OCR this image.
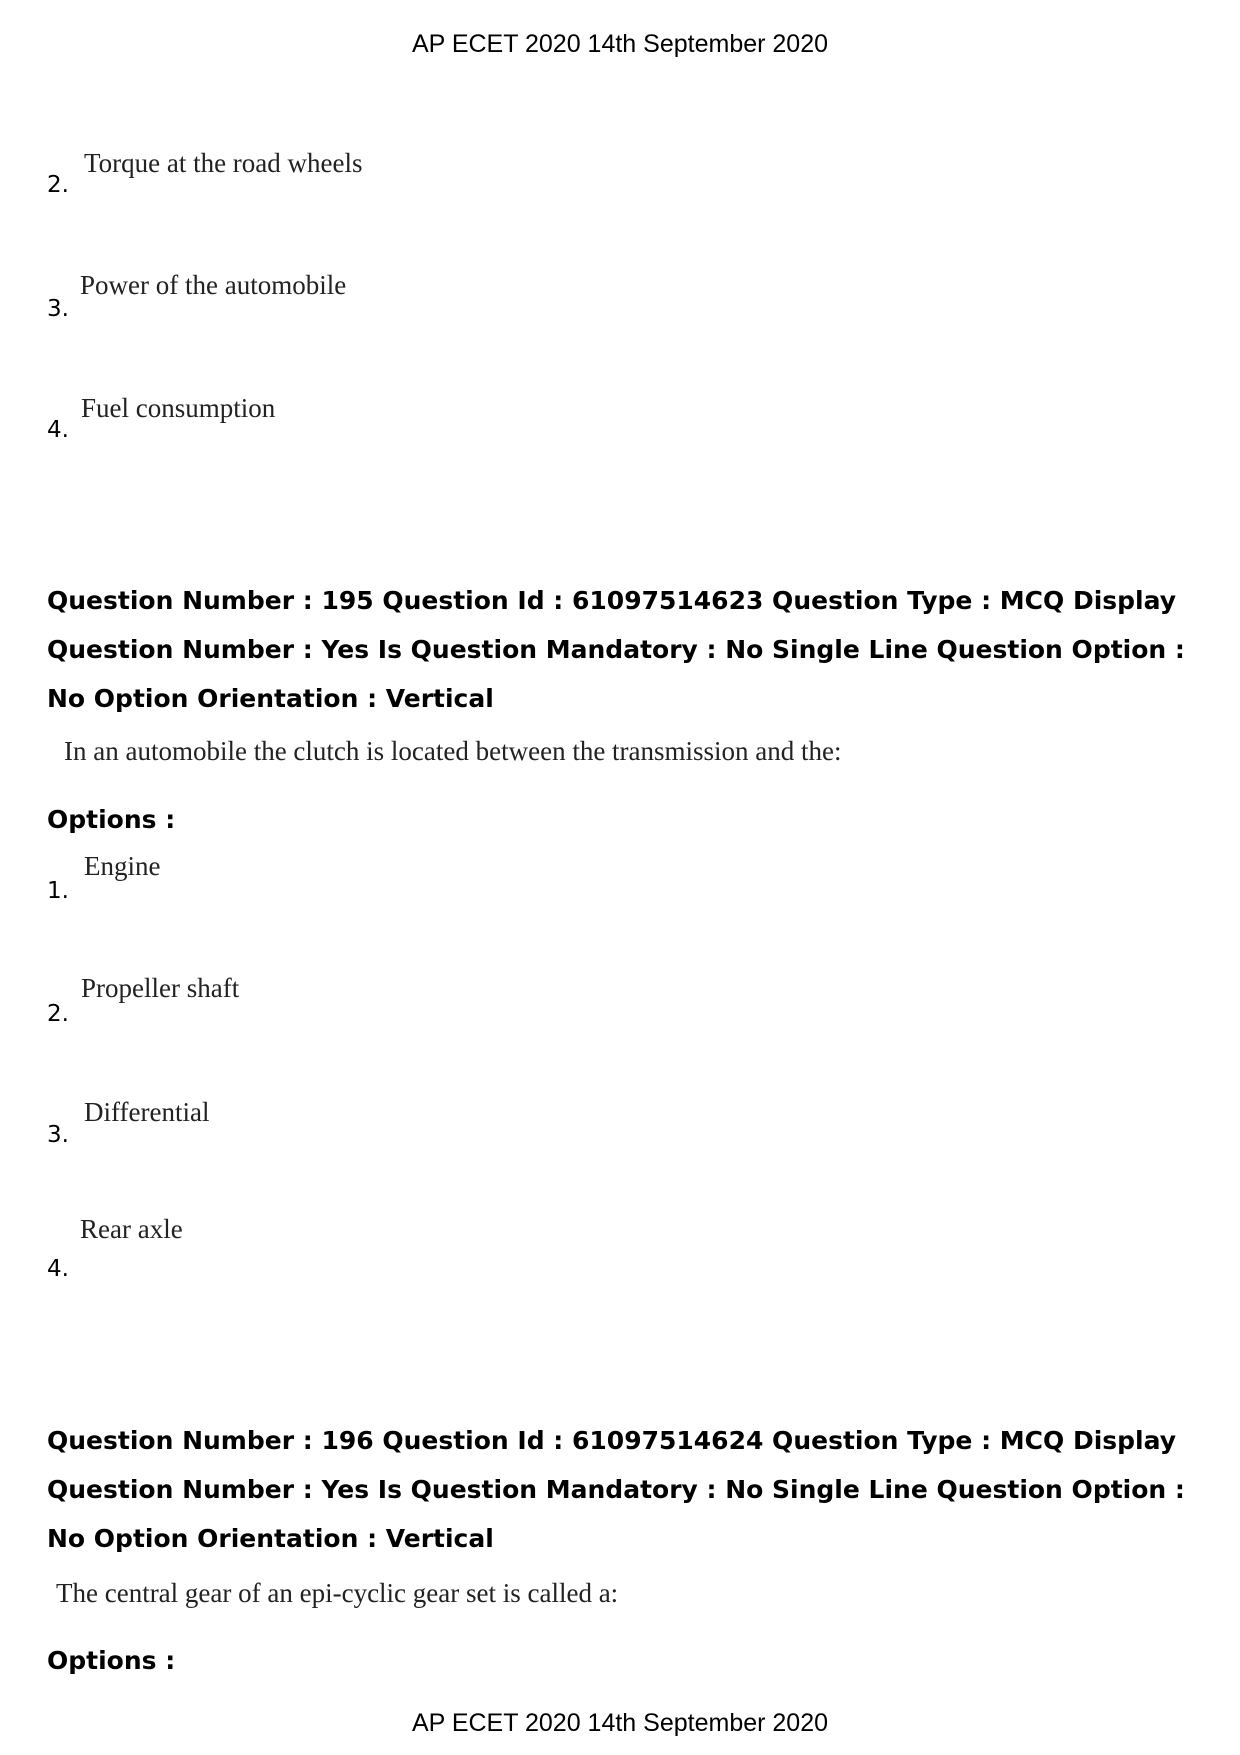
AP ECET 2020 14th September 2020
Torque at the road wheels
2.
Power of the automobile
3.
Fuel consumption
4.
Question Number : 195 Question Id : 61097514623 Question Type : MCQ Display Question Number : Yes Is Question Mandatory : No Single Line Question Option : No Option Orientation : Vertical
In an automobile the clutch is located between the transmission and the:
Options :
Engine
1.
Propeller shaft
2.
Differential
3.
Rear axle
4.
Question Number : 196 Question Id : 61097514624 Question Type : MCQ Display Question Number : Yes Is Question Mandatory : No Single Line Question Option : No Option Orientation : Vertical
The central gear of an epi-cyclic gear set is called a:
Options :
AP ECET 2020 14th September 2020
